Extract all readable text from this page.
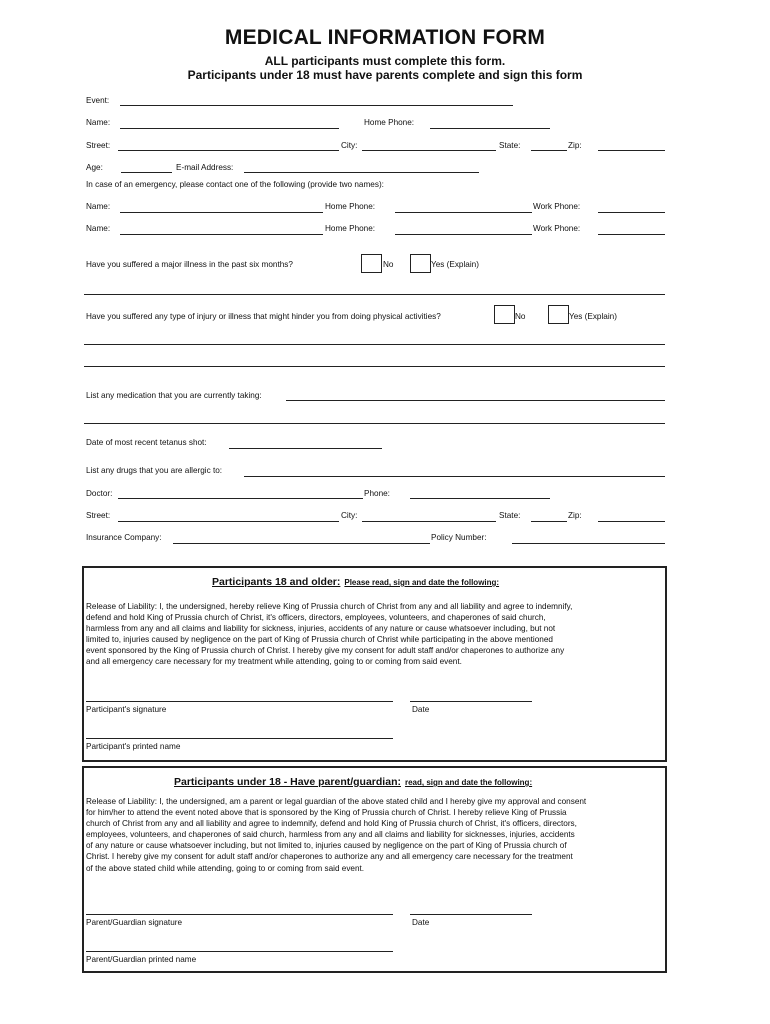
MEDICAL INFORMATION FORM
ALL participants must complete this form.
Participants under 18 must have parents complete and sign this form
Event:
Name:	Home Phone:
Street:	City:	State:	Zip:
Age:	E-mail Address:
In case of an emergency, please contact one of the following (provide two names):
Name:	Home Phone:	Work Phone:
Name:	Home Phone:	Work Phone:
Have you suffered a major illness in the past six months?	No	Yes (Explain)
Have you suffered any type of injury or illness that might hinder you from doing physical activities?	No	Yes (Explain)
List any medication that you are currently taking:
Date of most recent tetanus shot:
List any drugs that you are allergic to:
Doctor:	Phone:
Street:	City:	State:	Zip:
Insurance Company:	Policy Number:
Participants 18 and older: Please read, sign and date the following:
Release of Liability: I, the undersigned, hereby relieve King of Prussia church of Christ from any and all liability and agree to indemnify,
defend and hold King of Prussia church of Christ, it's officers, directors, employees, volunteers, and chaperones of said church,
harmless from any and all claims and liability for sickness, injuries, accidents of any nature or cause whatsoever including, but not
limited to, injuries caused by negligence on the part of King of Prussia church of Christ while participating in the above mentioned
event sponsored by the King of Prussia church of Christ. I hereby give my consent for adult staff and/or chaperones to authorize any
and all emergency care necessary for my treatment while attending, going to or coming from said event.
Participant's signature	Date
Participant's printed name
Participants under 18 - Have parent/guardian: read, sign and date the following:
Release of Liability: I, the undersigned, am a parent or legal guardian of the above stated child and I hereby give my approval and consent
for him/her to attend the event noted above that is sponsored by the King of Prussia church of Christ. I hereby relieve King of Prussia
church of Christ from any and all liability and agree to indemnify, defend and hold King of Prussia church of Christ, it's officers, directors,
employees, volunteers, and chaperones of said church, harmless from any and all claims and liability for sicknesses, injuries, accidents
of any nature or cause whatsoever including, but not limited to, injuries caused by negligence on the part of King of Prussia church of
Christ. I hereby give my consent for adult staff and/or chaperones to authorize any and all emergency care necessary for the treatment
of the above stated child while attending, going to or coming from said event.
Parent/Guardian signature	Date
Parent/Guardian printed name
